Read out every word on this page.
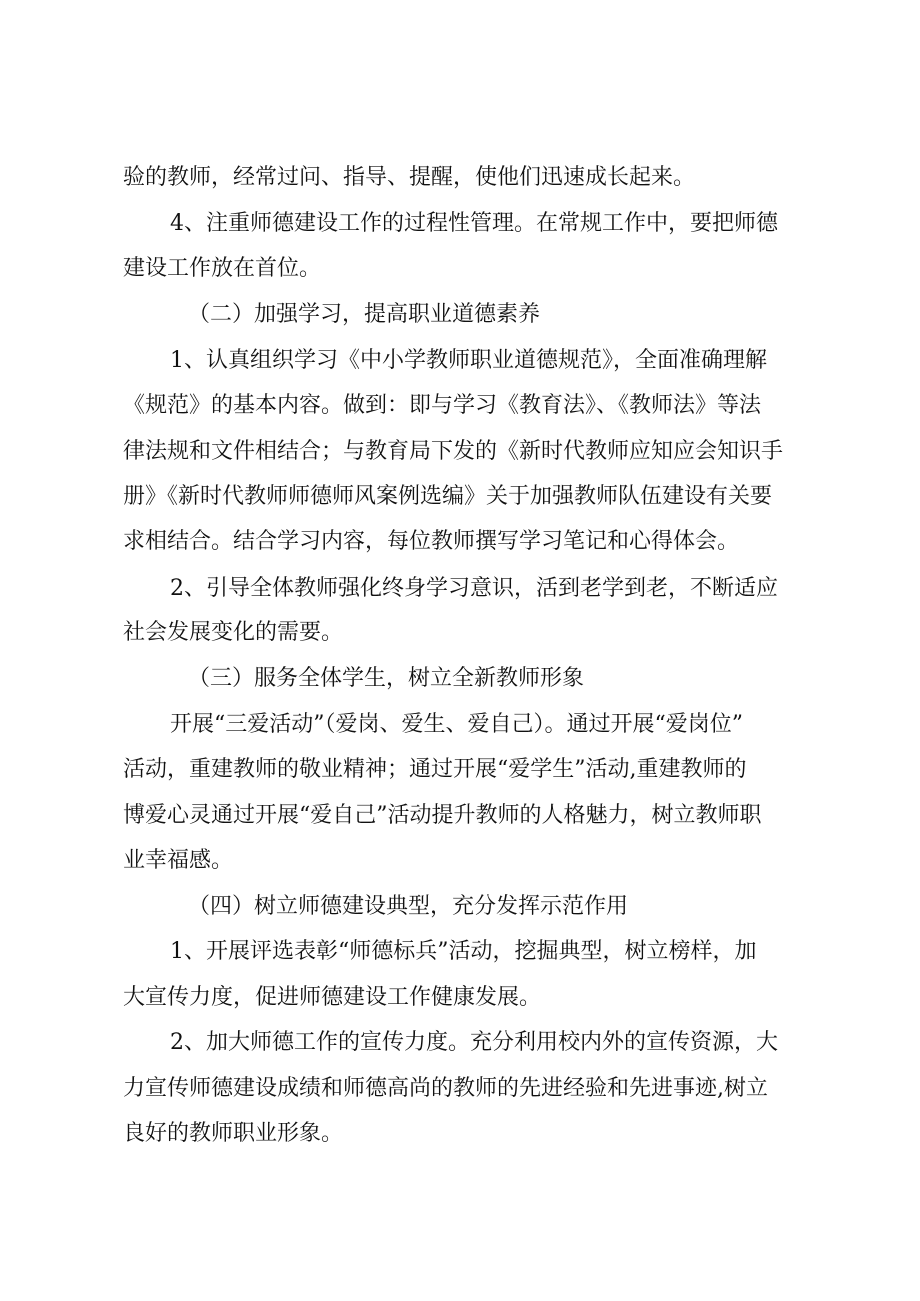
验的教师，经常过问、指导、提醒，使他们迅速成长起来。
4、注重师德建设工作的过程性管理。在常规工作中，要把师德
建设工作放在首位。
（二）加强学习，提高职业道德素养
1、认真组织学习《中小学教师职业道德规范》，全面准确理解
《规范》的基本内容。做到：即与学习《教育法》、《教师法》等法
律法规和文件相结合；与教育局下发的《新时代教师应知应会知识手
册》《新时代教师师德师风案例选编》关于加强教师队伍建设有关要
求相结合。结合学习内容，每位教师撰写学习笔记和心得体会。
2、引导全体教师强化终身学习意识，活到老学到老，不断适应
社会发展变化的需要。
（三）服务全体学生，树立全新教师形象
开展“三爱活动”（爱岗、爱生、爱自己）。通过开展“爱岗位”
活动，重建教师的敬业精神；通过开展“爱学生”活动,重建教师的
博爱心灵通过开展“爱自己”活动提升教师的人格魅力，树立教师职
业幸福感。
（四）树立师德建设典型，充分发挥示范作用
1、开展评选表彰“师德标兵”活动，挖掘典型，树立榜样，加
大宣传力度，促进师德建设工作健康发展。
2、加大师德工作的宣传力度。充分利用校内外的宣传资源，大
力宣传师德建设成绩和师德高尚的教师的先进经验和先进事迹,树立
良好的教师职业形象。
